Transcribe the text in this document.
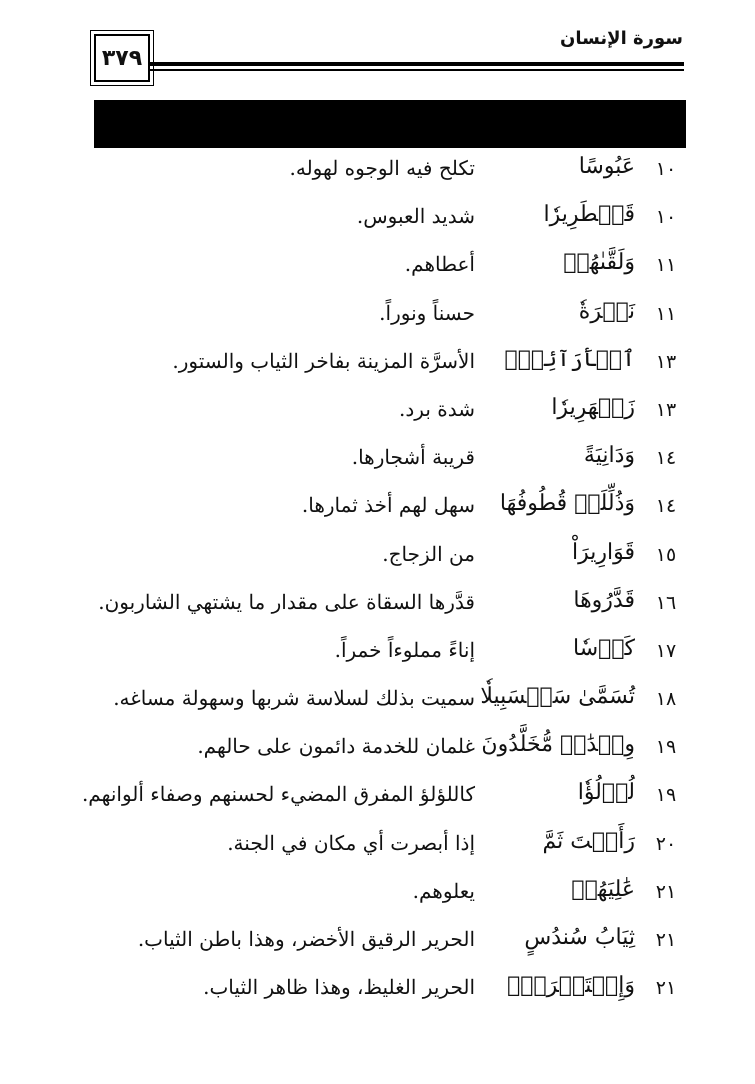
٣٧٩
سورة الإنسان
١٠
عَبُوسًا
تكلح فيه الوجوه لهوله.
١٠
قَمۡطَرِيرٗا
شديد العبوس.
١١
وَلَقَّىٰهُمۡ
أعطاهم.
١١
نَضۡرَةٗ
حسناً ونوراً.
١٣
ٱلۡأَرَآئِكِۖ
الأسرَّة المزينة بفاخر الثياب والستور.
١٣
زَمۡهَرِيرٗا
شدة برد.
١٤
وَدَانِيَةً
قريبة أشجارها.
١٤
وَذُلِّلَتۡ قُطُوفُهَا
سهل لهم أخذ ثمارها.
١٥
قَوَارِيرَاْ
من الزجاج.
١٦
قَدَّرُوهَا
قدَّرها السقاة على مقدار ما يشتهي الشاربون.
١٧
كَأۡسٗا
إناءً مملوءاً خمراً.
١٨
تُسَمَّىٰ سَلۡسَبِيلٗا
سميت بذلك لسلاسة شربها وسهولة مساغه.
١٩
وِلۡدَٰنٞ مُّخَلَّدُونَ
غلمان للخدمة دائمون على حالهم.
١٩
لُؤۡلُؤٗا
كاللؤلؤ المفرق المضيء لحسنهم وصفاء ألوانهم.
٢٠
رَأَيۡتَ ثَمَّ
إذا أبصرت أي مكان في الجنة.
٢١
عَٰلِيَهُمۡ
يعلوهم.
٢١
ثِيَابُ سُندُسٍ
الحرير الرقيق الأخضر، وهذا باطن الثياب.
٢١
وَإِسۡتَبۡرَقٞۖ
الحرير الغليظ، وهذا ظاهر الثياب.
